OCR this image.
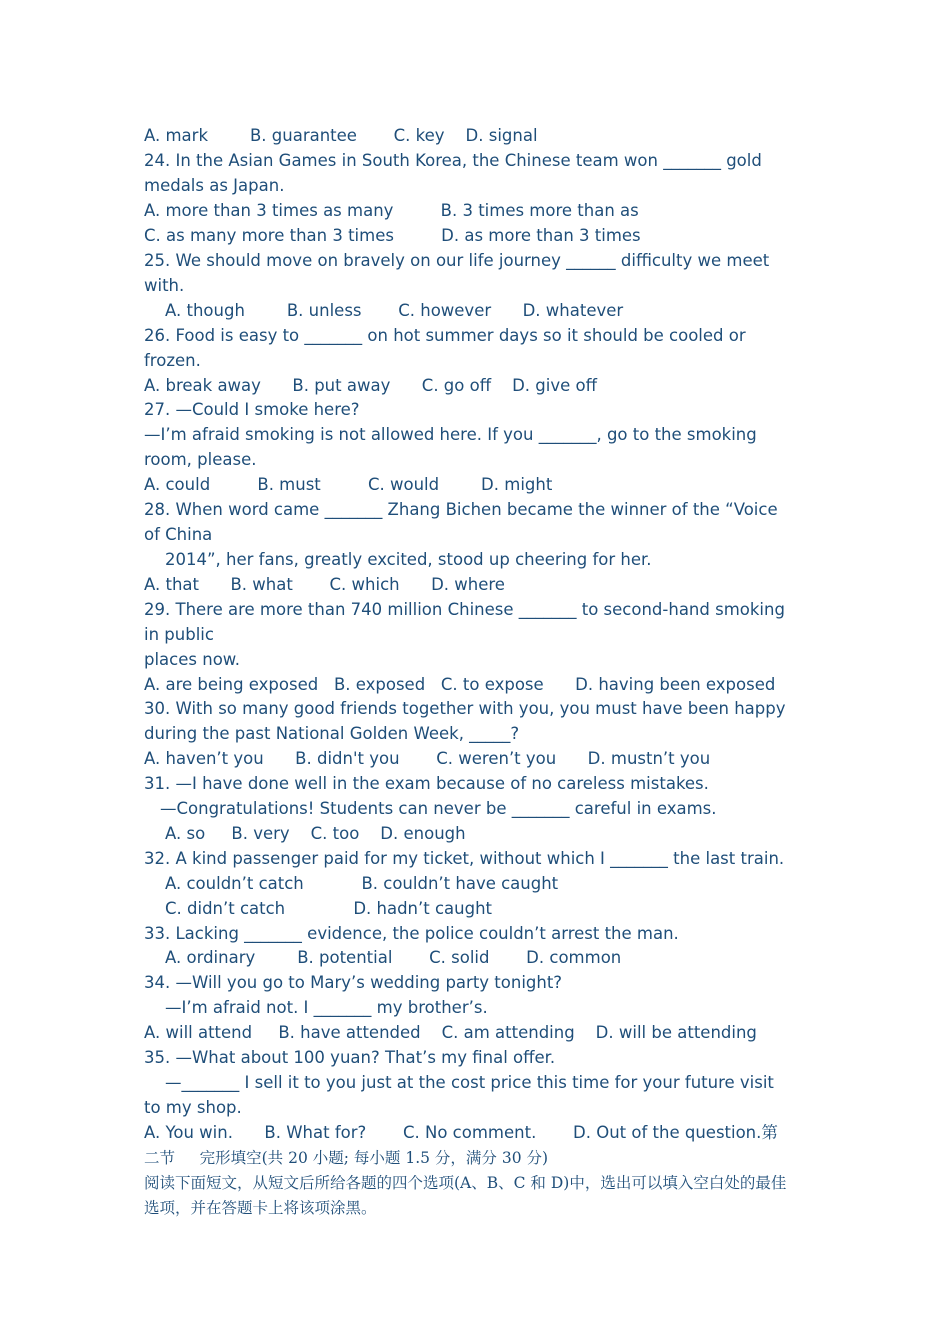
A. mark        B. guarantee       C. key    D. signal
24. In the Asian Games in South Korea, the Chinese team won _______ gold
medals as Japan.
A. more than 3 times as many         B. 3 times more than as
C. as many more than 3 times         D. as more than 3 times
25. We should move on bravely on our life journey ______ difficulty we meet
with.
A. though        B. unless       C. however      D. whatever
26. Food is easy to _______ on hot summer days so it should be cooled or
frozen.
A. break away      B. put away      C. go off    D. give off
27. —Could I smoke here?
—I’m afraid smoking is not allowed here. If you _______, go to the smoking
room, please.
A. could         B. must         C. would        D. might
28. When word came _______ Zhang Bichen became the winner of the “Voice
of China
2014”, her fans, greatly excited, stood up cheering for her.
A. that      B. what       C. which      D. where
29. There are more than 740 million Chinese _______ to second-hand smoking
in public
places now.
A. are being exposed   B. exposed   C. to expose      D. having been exposed
30. With so many good friends together with you, you must have been happy
during the past National Golden Week, _____?
A. haven’t you      B. didn't you       C. weren’t you      D. mustn’t you
31. —I have done well in the exam because of no careless mistakes.
—Congratulations! Students can never be _______ careful in exams.
A. so     B. very    C. too    D. enough
32. A kind passenger paid for my ticket, without which I _______ the last train.
A. couldn’t catch           B. couldn’t have caught
C. didn’t catch             D. hadn’t caught
33. Lacking _______ evidence, the police couldn’t arrest the man.
A. ordinary        B. potential       C. solid       D. common
34. —Will you go to Mary’s wedding party tonight?
—I’m afraid not. I _______ my brother’s.
A. will attend     B. have attended    C. am attending    D. will be attending
35. —What about 100 yuan? That’s my final offer.
—_______ I sell it to you just at the cost price this time for your future visit
to my shop.
A. You win.      B. What for?       C. No comment.       D. Out of the question.第
二节     完形填空(共 20 小题; 每小题 1.5 分，满分 30 分)
阅读下面短文，从短文后所给各题的四个选项(A、B、C 和 D)中，选出可以填入空白处的最佳
选项，并在答题卡上将该项涂黑。
